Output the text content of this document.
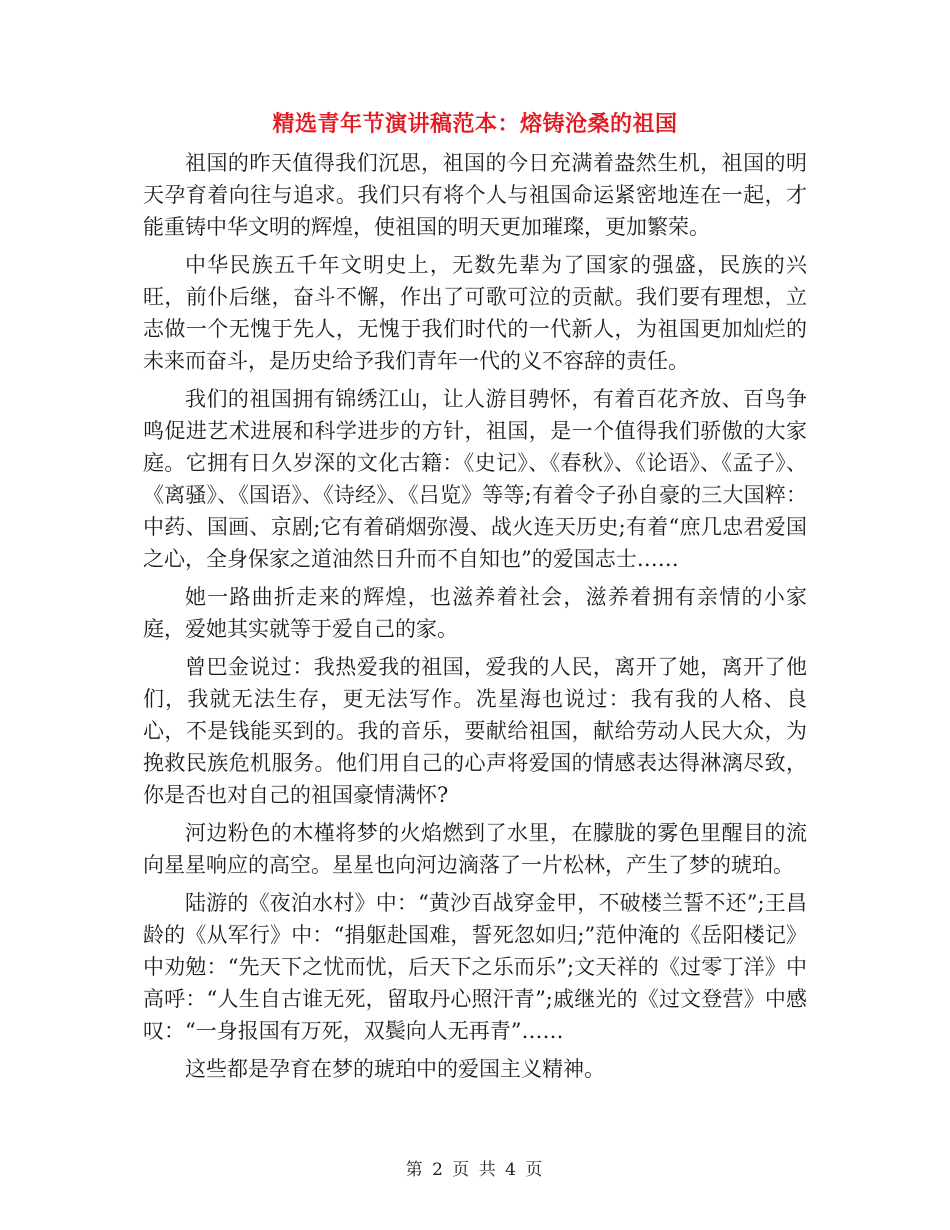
精选青年节演讲稿范本：熔铸沧桑的祖国

祖国的昨天值得我们沉思，祖国的今日充满着盎然生机，祖国的明天孕育着向往与追求。我们只有将个人与祖国命运紧密地连在一起，才能重铸中华文明的辉煌，使祖国的明天更加璀璨，更加繁荣。

中华民族五千年文明史上，无数先辈为了国家的强盛，民族的兴旺，前仆后继，奋斗不懈，作出了可歌可泣的贡献。我们要有理想，立志做一个无愧于先人，无愧于我们时代的一代新人，为祖国更加灿烂的未来而奋斗，是历史给予我们青年一代的义不容辞的责任。

我们的祖国拥有锦绣江山，让人游目骋怀，有着百花齐放、百鸟争鸣促进艺术进展和科学进步的方针，祖国，是一个值得我们骄傲的大家庭。它拥有日久岁深的文化古籍：《史记》、《春秋》、《论语》、《孟子》、《离骚》、《国语》、《诗经》、《吕览》等等;有着令子孙自豪的三大国粹：中药、国画、京剧;它有着硝烟弥漫、战火连天历史;有着“庶几忠君爱国之心，全身保家之道油然日升而不自知也”的爱国志士……

她一路曲折走来的辉煌，也滋养着社会，滋养着拥有亲情的小家庭，爱她其实就等于爱自己的家。

曾巴金说过：我热爱我的祖国，爱我的人民，离开了她，离开了他们，我就无法生存，更无法写作。冼星海也说过：我有我的人格、良心，不是钱能买到的。我的音乐，要献给祖国，献给劳动人民大众，为挽救民族危机服务。他们用自己的心声将爱国的情感表达得淋漓尽致，你是否也对自己的祖国豪情满怀?

河边粉色的木槿将梦的火焰燃到了水里，在朦胧的雾色里醒目的流向星星响应的高空。星星也向河边滴落了一片松林，产生了梦的琥珀。

陆游的《夜泊水村》中：“黄沙百战穿金甲，不破楼兰誓不还”;王昌龄的《从军行》中：“捐躯赴国难，誓死忽如归;”范仲淹的《岳阳楼记》中劝勉：“先天下之忧而忧，后天下之乐而乐”;文天祥的《过零丁洋》中高呼：“人生自古谁无死，留取丹心照汗青”;戚继光的《过文登营》中感叹：“一身报国有万死，双鬓向人无再青”……

这些都是孕育在梦的琥珀中的爱国主义精神。

第 2 页 共 4 页
